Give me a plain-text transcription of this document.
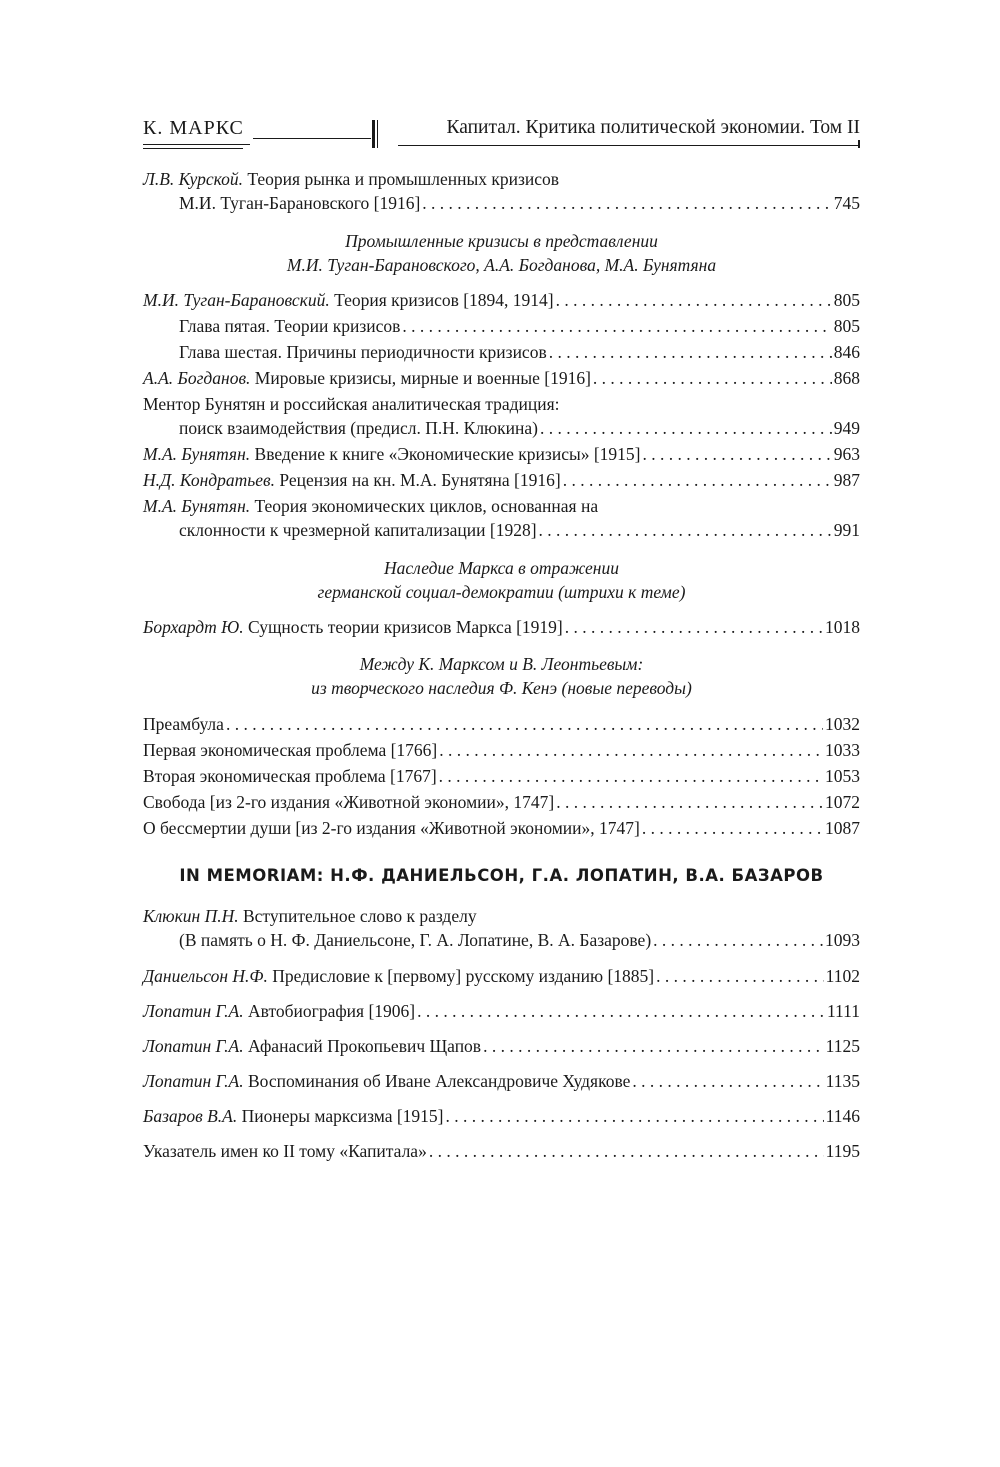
К. МАРКС	Капитал. Критика политической экономии. Том II
Л.В. Курской. Теория рынка и промышленных кризисов
М.И. Туган-Барановского [1916] . . .	745
Промышленные кризисы в представлении
М.И. Туган-Барановского, А.А. Богданова, М.А. Бунятяна
М.И. Туган-Барановский. Теория кризисов [1894, 1914] . . .	805
Глава пятая. Теории кризисов . . .	805
Глава шестая. Причины периодичности кризисов . . .	846
А.А. Богданов. Мировые кризисы, мирные и военные [1916] . . .	868
Ментор Бунятян и российская аналитическая традиция:
поиск взаимодействия (предисл. П.Н. Клюкина) . . .	949
М.А. Бунятян. Введение к книге «Экономические кризисы» [1915] . . .	963
Н.Д. Кондратьев. Рецензия на кн. М.А. Бунятяна [1916] . . .	987
М.А. Бунятян. Теория экономических циклов, основанная на
склонности к чрезмерной капитализации [1928] . . .	991
Наследие Маркса в отражении
германской социал-демократии (штрихи к теме)
Борхардт Ю. Сущность теории кризисов Маркса [1919] . . .	1018
Между К. Марксом и В. Леонтьевым:
из творческого наследия Ф. Кенэ (новые переводы)
Преамбула . . .	1032
Первая экономическая проблема [1766] . . .	1033
Вторая экономическая проблема [1767] . . .	1053
Свобода [из 2-го издания «Животной экономии», 1747] . . .	1072
О бессмертии души [из 2-го издания «Животной экономии», 1747] . . .	1087
IN MEMORIAM: Н.Ф. ДАНИЕЛЬСОН, Г.А. ЛОПАТИН, В.А. БАЗАРОВ
Клюкин П.Н. Вступительное слово к разделу
(В память о Н. Ф. Даниельсоне, Г. А. Лопатине, В. А. Базарове) . . .	1093
Даниельсон Н.Ф. Предисловие к [первому] русскому изданию [1885] . . .	1102
Лопатин Г.А. Автобиография [1906] . . .	1111
Лопатин Г.А. Афанасий Прокопьевич Щапов . . .	1125
Лопатин Г.А. Воспоминания об Иване Александровиче Худякове . . .	1135
Базаров В.А. Пионеры марксизма [1915] . . .	1146
Указатель имен ко II тому «Капитала» . . .	1195
